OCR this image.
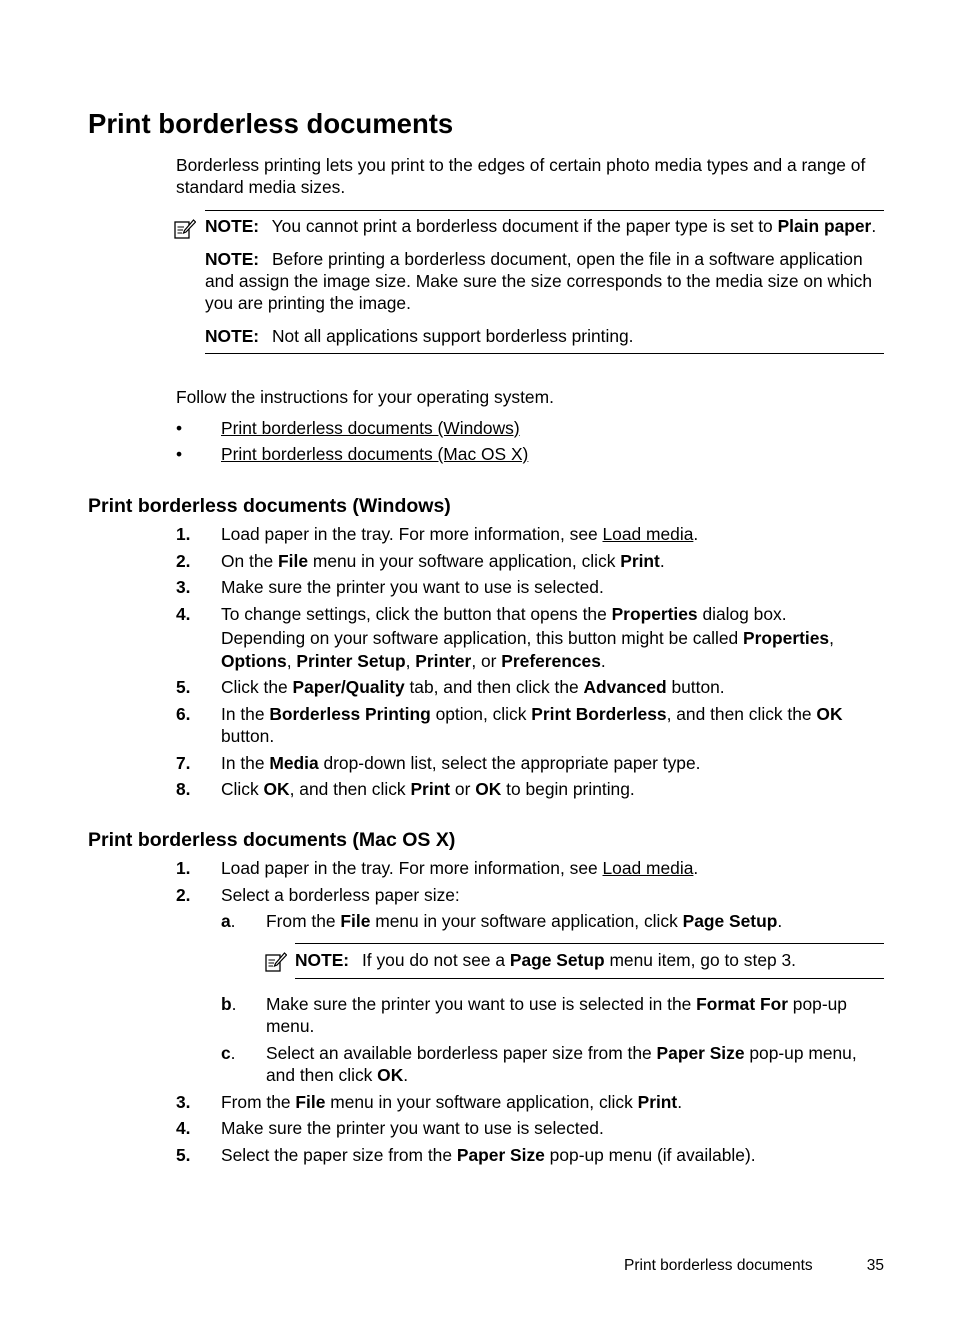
Print borderless documents

Borderless printing lets you print to the edges of certain photo media types and a range of standard media sizes.

NOTE: You cannot print a borderless document if the paper type is set to Plain paper.

NOTE: Before printing a borderless document, open the file in a software application and assign the image size. Make sure the size corresponds to the media size on which you are printing the image.

NOTE: Not all applications support borderless printing.

Follow the instructions for your operating system.

• Print borderless documents (Windows)
• Print borderless documents (Mac OS X)
Print borderless documents (Windows)
1. Load paper in the tray. For more information, see Load media.
2. On the File menu in your software application, click Print.
3. Make sure the printer you want to use is selected.
4. To change settings, click the button that opens the Properties dialog box.
Depending on your software application, this button might be called Properties, Options, Printer Setup, Printer, or Preferences.
5. Click the Paper/Quality tab, and then click the Advanced button.
6. In the Borderless Printing option, click Print Borderless, and then click the OK button.
7. In the Media drop-down list, select the appropriate paper type.
8. Click OK, and then click Print or OK to begin printing.
Print borderless documents (Mac OS X)
1. Load paper in the tray. For more information, see Load media.
2. Select a borderless paper size:
a. From the File menu in your software application, click Page Setup.
NOTE: If you do not see a Page Setup menu item, go to step 3.
b. Make sure the printer you want to use is selected in the Format For pop-up menu.
c. Select an available borderless paper size from the Paper Size pop-up menu, and then click OK.
3. From the File menu in your software application, click Print.
4. Make sure the printer you want to use is selected.
5. Select the paper size from the Paper Size pop-up menu (if available).
Print borderless documents	35
